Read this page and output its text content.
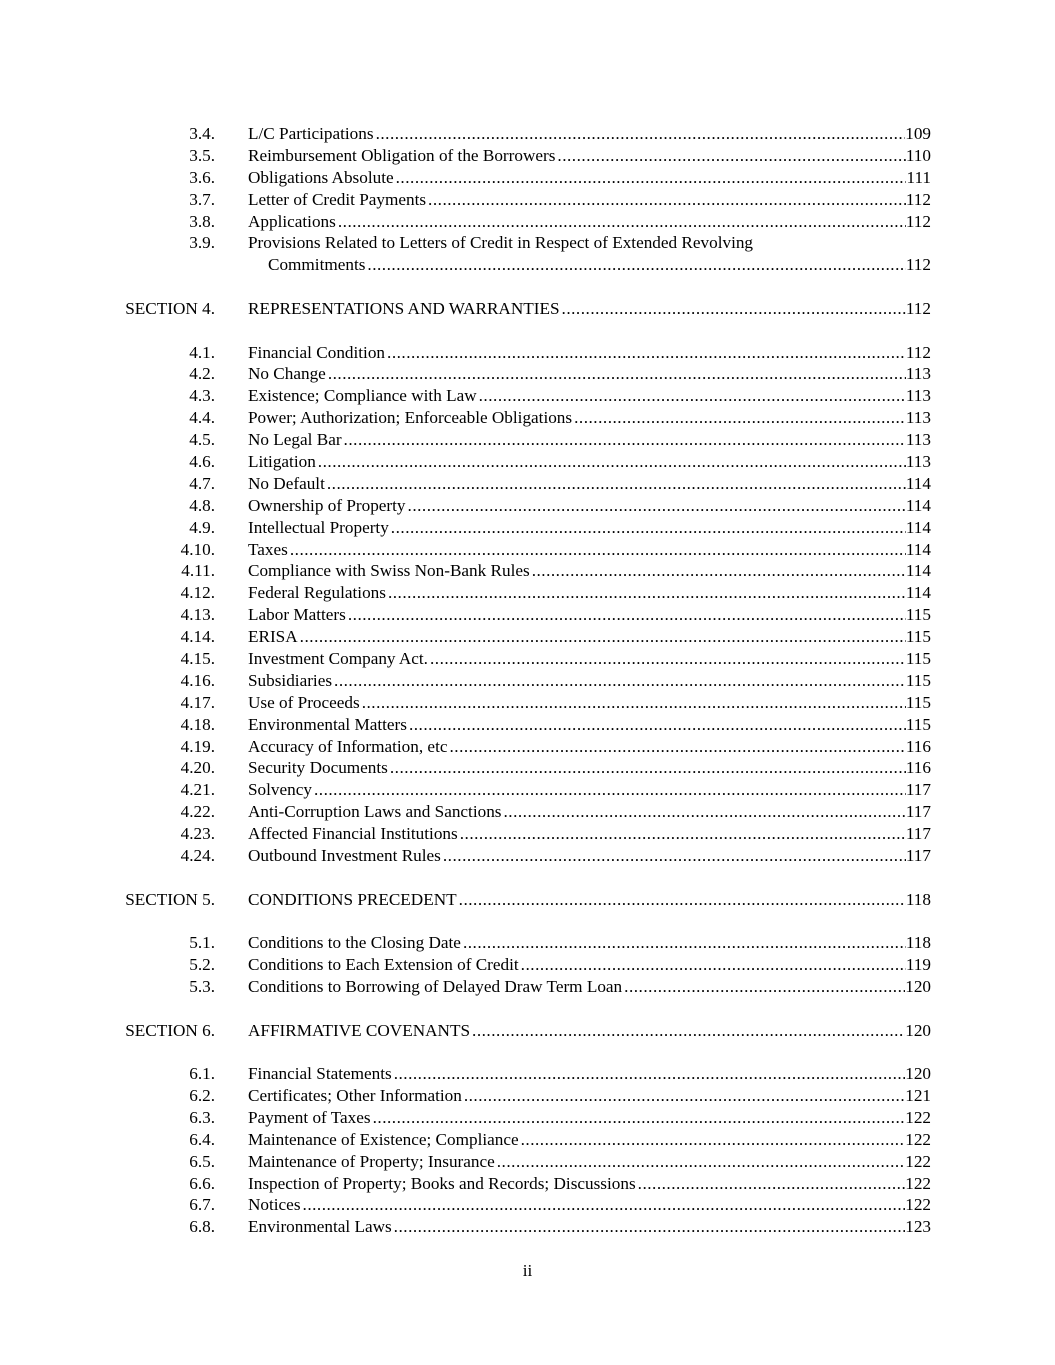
3.4. L/C Participations .....	109
3.5. Reimbursement Obligation of the Borrowers .....	110
3.6. Obligations Absolute .....	111
3.7. Letter of Credit Payments .....	112
3.8. Applications .....	112
3.9. Provisions Related to Letters of Credit in Respect of Extended Revolving
Commitments .....	112
SECTION 4. REPRESENTATIONS AND WARRANTIES .....	112
4.1. Financial Condition .....	112
4.2. No Change .....	113
4.3. Existence; Compliance with Law .....	113
4.4. Power; Authorization; Enforceable Obligations .....	113
4.5. No Legal Bar .....	113
4.6. Litigation .....	113
4.7. No Default .....	114
4.8. Ownership of Property .....	114
4.9. Intellectual Property .....	114
4.10. Taxes .....	114
4.11. Compliance with Swiss Non-Bank Rules .....	114
4.12. Federal Regulations .....	114
4.13. Labor Matters .....	115
4.14. ERISA .....	115
4.15. Investment Company Act. .....	115
4.16. Subsidiaries .....	115
4.17. Use of Proceeds .....	115
4.18. Environmental Matters .....	115
4.19. Accuracy of Information, etc .....	116
4.20. Security Documents .....	116
4.21. Solvency .....	117
4.22. Anti-Corruption Laws and Sanctions .....	117
4.23. Affected Financial Institutions .....	117
4.24. Outbound Investment Rules .....	117
SECTION 5. CONDITIONS PRECEDENT .....	118
5.1. Conditions to the Closing Date .....	118
5.2. Conditions to Each Extension of Credit .....	119
5.3. Conditions to Borrowing of Delayed Draw Term Loan .....	120
SECTION 6. AFFIRMATIVE COVENANTS .....	120
6.1. Financial Statements .....	120
6.2. Certificates; Other Information .....	121
6.3. Payment of Taxes .....	122
6.4. Maintenance of Existence; Compliance .....	122
6.5. Maintenance of Property; Insurance .....	122
6.6. Inspection of Property; Books and Records; Discussions .....	122
6.7. Notices .....	122
6.8. Environmental Laws .....	123
ii
